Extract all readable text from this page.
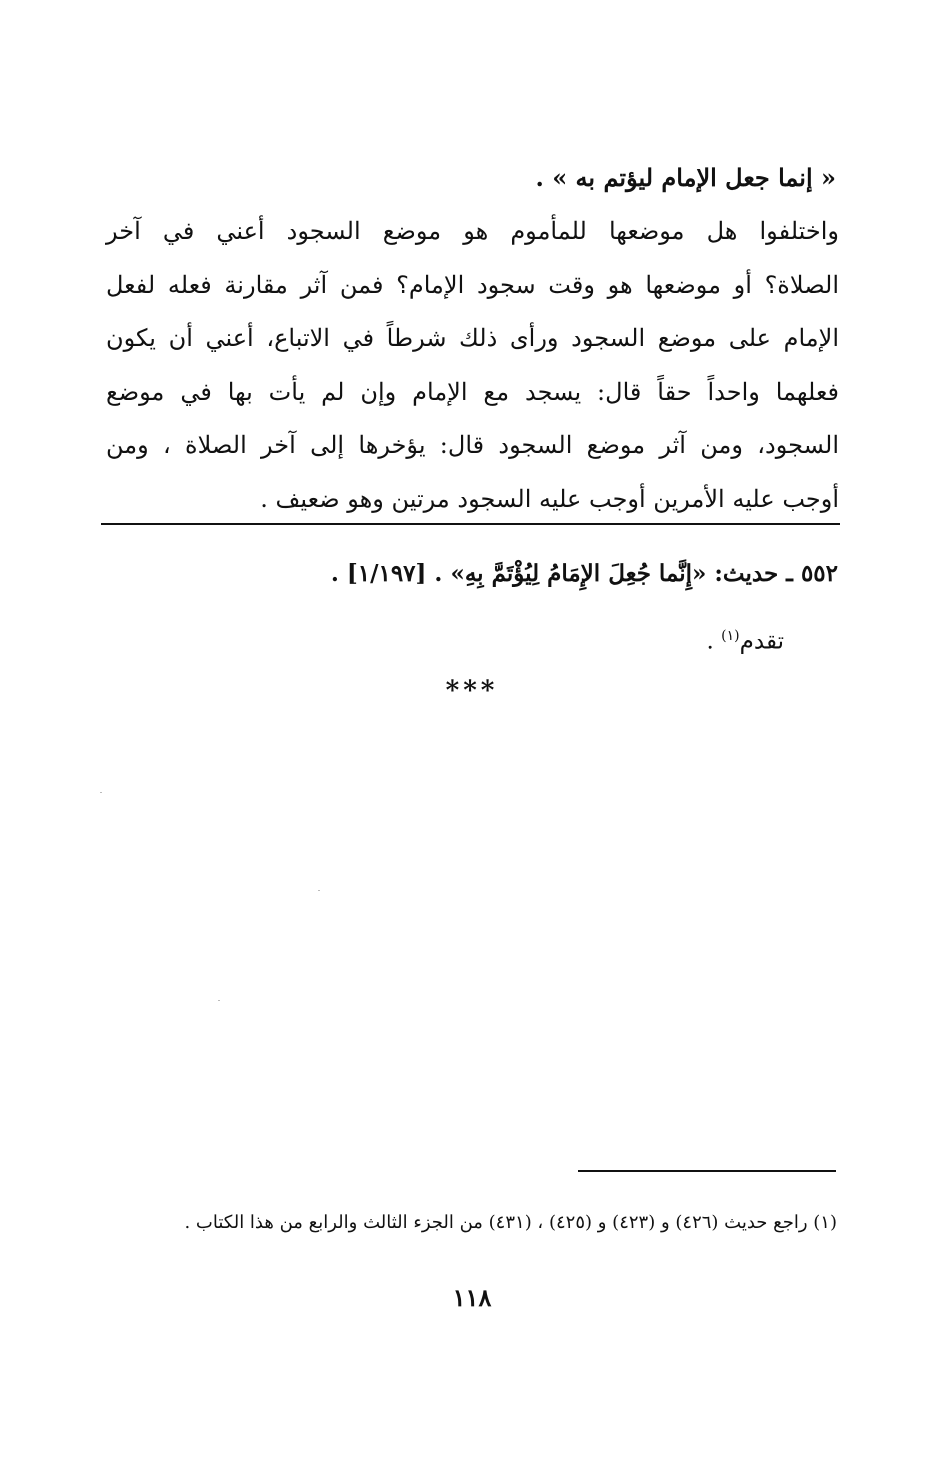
« إنما جعل الإمام ليؤتم به » .
واختلفوا هل موضعها للمأموم هو موضع السجود أعني في آخر
الصلاة؟ أو موضعها هو وقت سجود الإمام؟ فمن آثر مقارنة فعله لفعل
الإمام على موضع السجود ورأى ذلك شرطاً في الاتباع، أعني أن يكون
فعلهما واحداً حقاً قال: يسجد مع الإمام وإن لم يأت بها في موضع
السجود، ومن آثر موضع السجود قال: يؤخرها إلى آخر الصلاة ، ومن
أوجب عليه الأمرين أوجب عليه السجود مرتين وهو ضعيف .
٥٥٢ ـ حديث: «إِنَّما جُعِلَ الإِمَامُ لِيُؤْتَمَّ بِهِ» . [١/١٩٧] .
تقدم$^{(١)}$ .
***
(١) راجع حديث (٤٢٦) و (٤٢٣) و (٤٢٥) ، (٤٣١) من الجزء الثالث والرابع من هذا الكتاب .
١١٨
